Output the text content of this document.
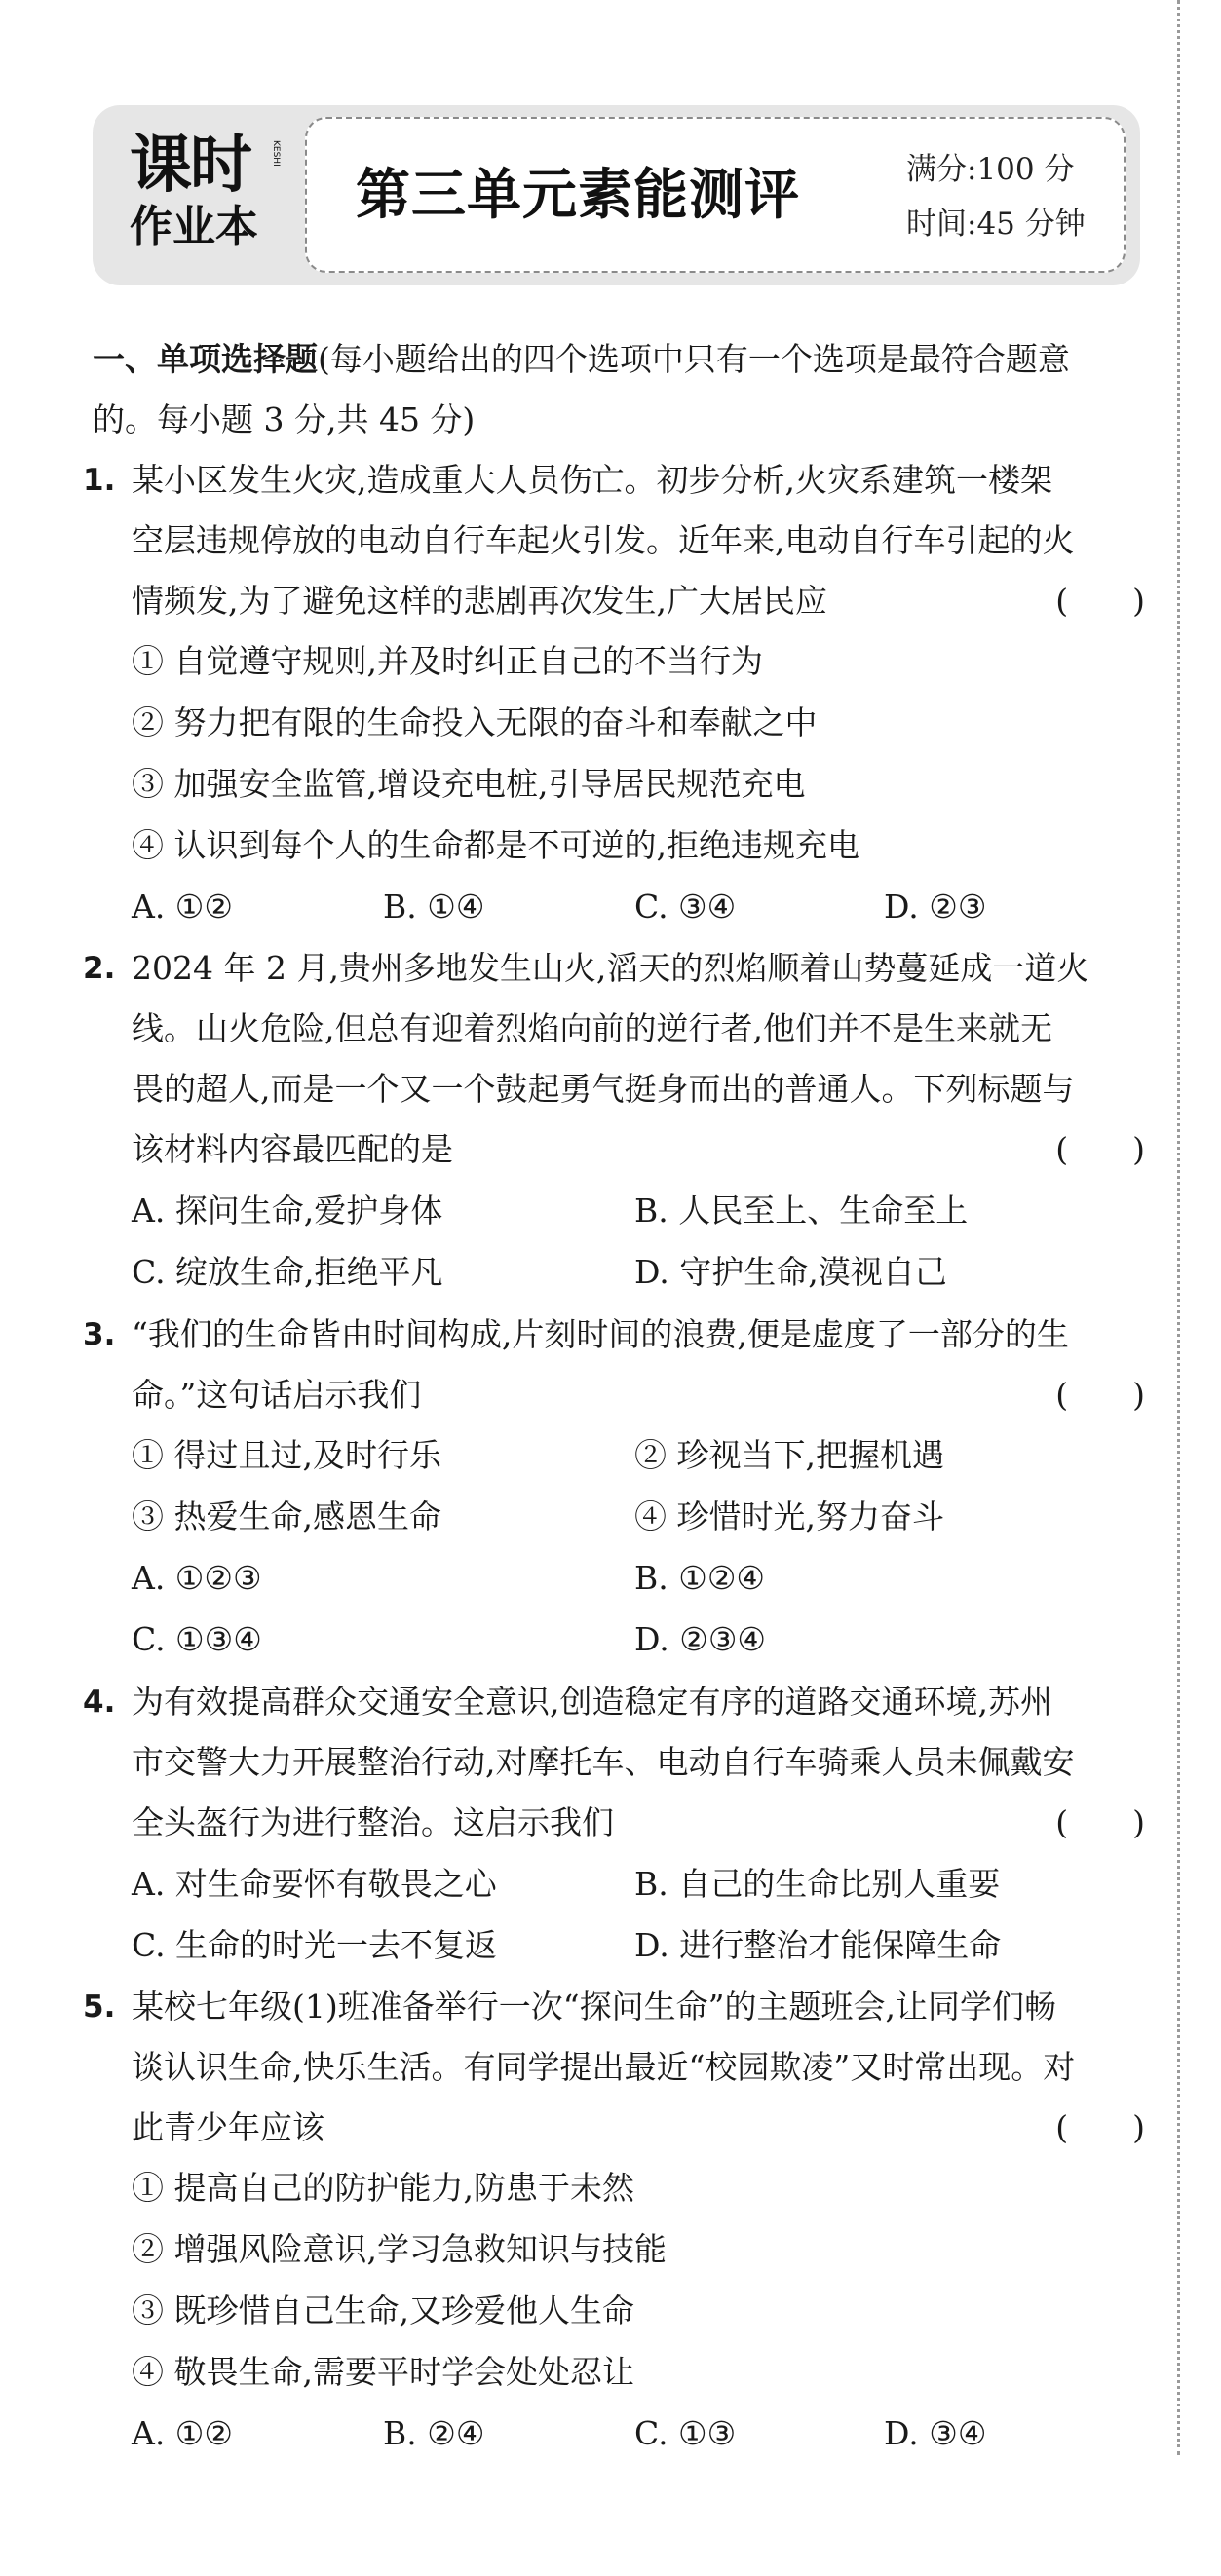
课时 KESHI
作业本 第三单元素能测评	满分:100 分
时间:45 分钟
一、单项选择题(每小题给出的四个选项中只有一个选项是最符合题意
的。每小题 3 分,共 45 分)
1. 某小区发生火灾,造成重大人员伤亡。初步分析,火灾系建筑一楼架
空层违规停放的电动自行车起火引发。近年来,电动自行车引起的火
情频发,为了避免这样的悲剧再次发生,广大居民应	(　　)
① 自觉遵守规则,并及时纠正自己的不当行为
② 努力把有限的生命投入无限的奋斗和奉献之中
③ 加强安全监管,增设充电桩,引导居民规范充电
④ 认识到每个人的生命都是不可逆的,拒绝违规充电
A. ①②	B. ①④	C. ③④	D. ②③
2. 2024 年 2 月,贵州多地发生山火,滔天的烈焰顺着山势蔓延成一道火
线。山火危险,但总有迎着烈焰向前的逆行者,他们并不是生来就无
畏的超人,而是一个又一个鼓起勇气挺身而出的普通人。下列标题与
该材料内容最匹配的是	(　　)
A. 探问生命,爱护身体	B. 人民至上、生命至上
C. 绽放生命,拒绝平凡	D. 守护生命,漠视自己
3. “我们的生命皆由时间构成,片刻时间的浪费,便是虚度了一部分的生
命。”这句话启示我们	(　　)
① 得过且过,及时行乐	② 珍视当下,把握机遇
③ 热爱生命,感恩生命	④ 珍惜时光,努力奋斗
A. ①②③	B. ①②④
C. ①③④	D. ②③④
4. 为有效提高群众交通安全意识,创造稳定有序的道路交通环境,苏州
市交警大力开展整治行动,对摩托车、电动自行车骑乘人员未佩戴安
全头盔行为进行整治。这启示我们	(　　)
A. 对生命要怀有敬畏之心	B. 自己的生命比别人重要
C. 生命的时光一去不复返	D. 进行整治才能保障生命
5. 某校七年级(1)班准备举行一次“探问生命”的主题班会,让同学们畅
谈认识生命,快乐生活。有同学提出最近“校园欺凌”又时常出现。对
此青少年应该	(　　)
① 提高自己的防护能力,防患于未然
② 增强风险意识,学习急救知识与技能
③ 既珍惜自己生命,又珍爱他人生命
④ 敬畏生命,需要平时学会处处忍让
A. ①②	B. ②④	C. ①③	D. ③④
